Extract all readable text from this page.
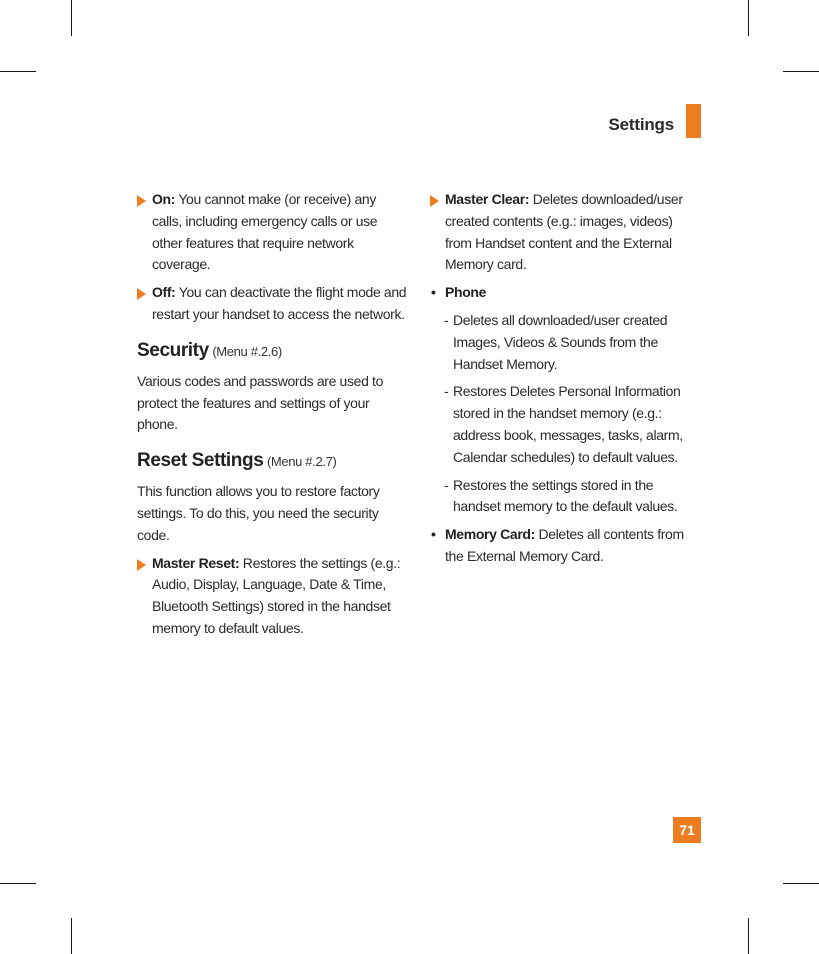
Settings
On: You cannot make (or receive) any calls, including emergency calls or use other features that require network coverage.
Off: You can deactivate the flight mode and restart your handset to access the network.
Security (Menu #.2.6)
Various codes and passwords are used to protect the features and settings of your phone.
Reset Settings (Menu #.2.7)
This function allows you to restore factory settings. To do this, you need the security code.
Master Reset: Restores the settings (e.g.: Audio, Display, Language, Date & Time, Bluetooth Settings) stored in the handset memory to default values.
Master Clear: Deletes downloaded/user created contents (e.g.: images, videos) from Handset content and the External Memory card.
• Phone
- Deletes all downloaded/user created Images, Videos & Sounds from the Handset Memory.
- Restores Deletes Personal Information stored in the handset memory (e.g.: address book, messages, tasks, alarm, Calendar schedules) to default values.
- Restores the settings stored in the handset memory to the default values.
• Memory Card: Deletes all contents from the External Memory Card.
71
